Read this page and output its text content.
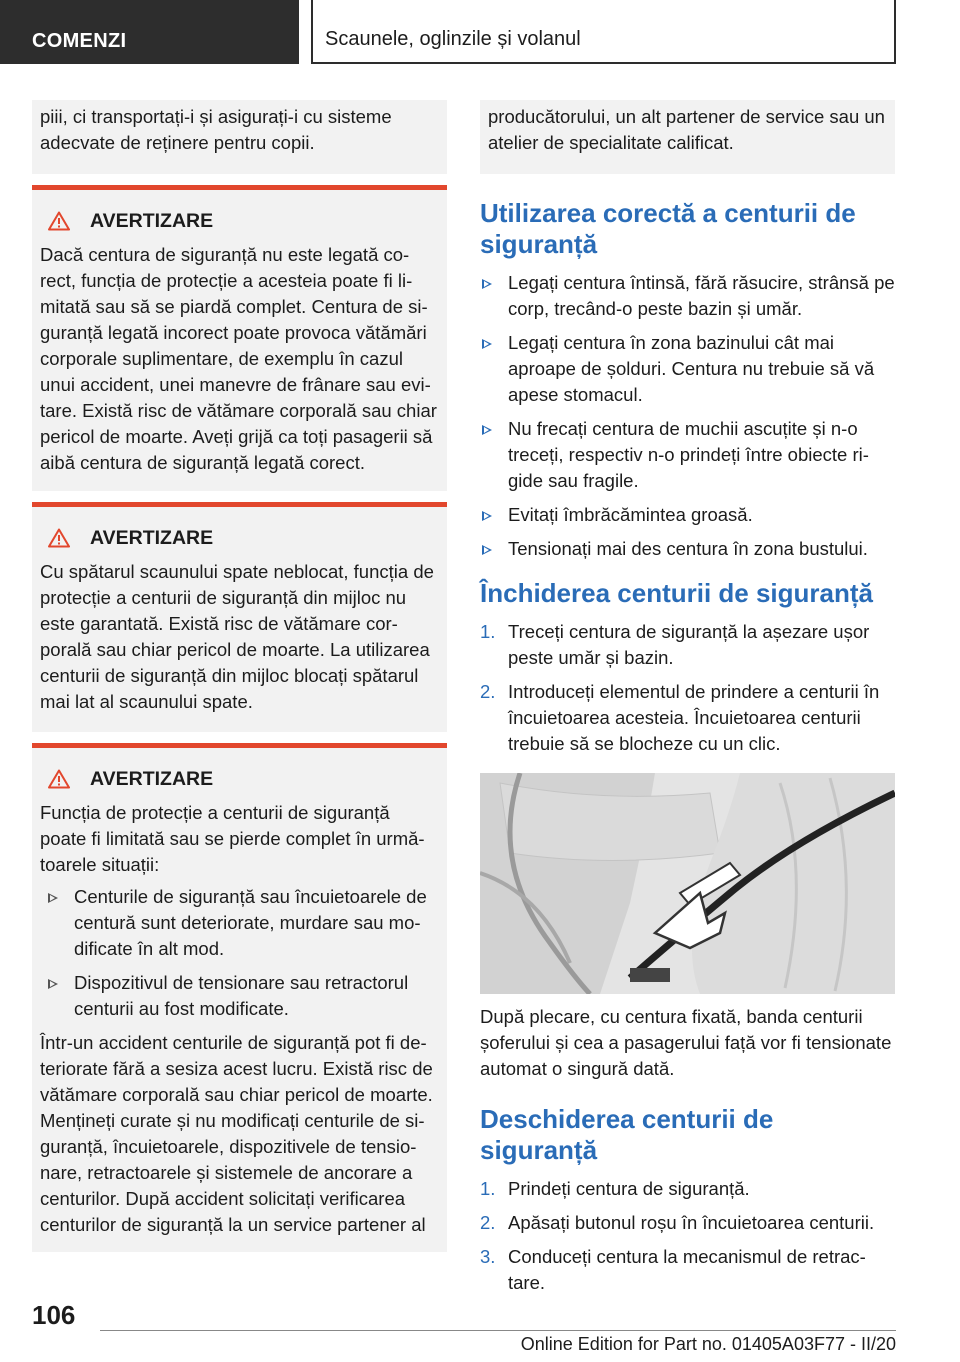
COMENZI	Scaunele, oglinzile și volanul

piii, ci transportați-i și asigurați-i cu sisteme adecvate de reținere pentru copii.

AVERTIZARE

Dacă centura de siguranță nu este legată corect, funcția de protecție a acesteia poate fi limitată sau să se piardă complet. Centura de siguranță legată incorect poate provoca vătămări corporale suplimentare, de exemplu în cazul unui accident, unei manevre de frânare sau evitare. Există risc de vătămare corporală sau chiar pericol de moarte. Aveți grijă ca toți pasagerii să aibă centura de siguranță legată corect.

AVERTIZARE

Cu spătarul scaunului spate neblocat, funcția de protecție a centurii de siguranță din mijloc nu este garantată. Există risc de vătămare corporală sau chiar pericol de moarte. La utilizarea centurii de siguranță din mijloc blocați spătarul mai lat al scaunului spate.

AVERTIZARE

Funcția de protecție a centurii de siguranță poate fi limitată sau se pierde complet în următoarele situații:

Centurile de siguranță sau încuietoarele de centură sunt deteriorate, murdare sau modificate în alt mod.
Dispozitivul de tensionare sau retractorul centurii au fost modificate.

Într-un accident centurile de siguranță pot fi deteriorate fără a sesiza acest lucru. Există risc de vătămare corporală sau chiar pericol de moarte. Mențineți curate și nu modificați centurile de siguranță, încuietoarele, dispozitivele de tensionare, retractoarele și sistemele de ancorare a centurilor. După accident solicitați verificarea centurilor de siguranță la un service partener al

producătorului, un alt partener de service sau un atelier de specialitate calificat.

Utilizarea corectă a centurii de siguranță
Legați centura întinsă, fără răsucire, strânsă pe corp, trecând-o peste bazin și umăr.
Legați centura în zona bazinului cât mai aproape de șolduri. Centura nu trebuie să vă apese stomacul.
Nu frecați centura de muchii ascuțite și n-o treceți, respectiv n-o prindeți între obiecte rigide sau fragile.
Evitați îmbrăcămintea groasă.
Tensionați mai des centura în zona bustului.
Închiderea centurii de siguranță
1. Treceți centura de siguranță la așezare ușor peste umăr și bazin.
2. Introduceți elementul de prindere a centurii în încuietoarea acesteia. Încuietoarea centurii trebuie să se blocheze cu un clic.

După plecare, cu centura fixată, banda centurii șoferului și cea a pasagerului față vor fi tensionate automat o singură dată.

Deschiderea centurii de siguranță
1. Prindeți centura de siguranță.
2. Apăsați butonul roșu în încuietoarea centurii.
3. Conduceți centura la mecanismul de retractare.
106
Online Edition for Part no. 01405A03F77 - II/20
